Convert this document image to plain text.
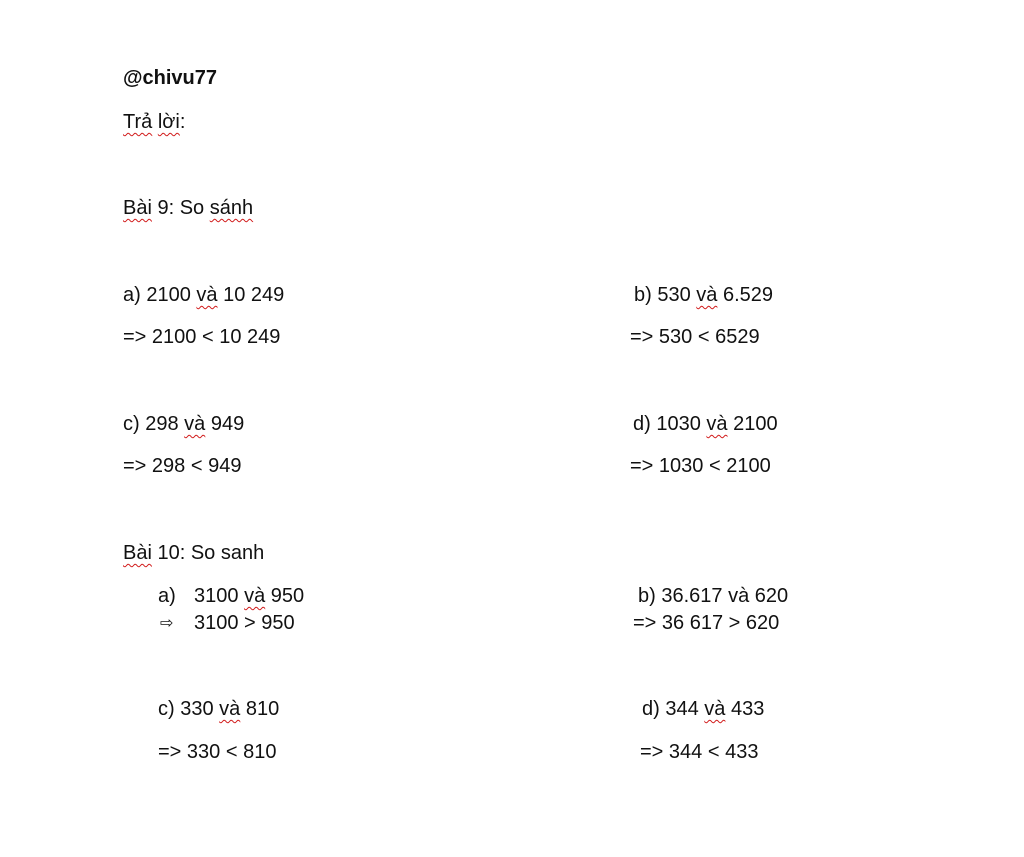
@chivu77
Trả lời:
Bài 9: So sánh
a) 2100 và 10 249
=> 2100 < 10 249
b) 530 và 6.529
=> 530 < 6529
c) 298 và 949
=> 298 < 949
d) 1030 và 2100
=> 1030 < 2100
Bài 10: So sanh
a) 3100 và 950
⇨ 3100 > 950
b) 36.617 và 620
=> 36 617 > 620
c) 330 và 810
=> 330 < 810
d) 344 và 433
=> 344 < 433
